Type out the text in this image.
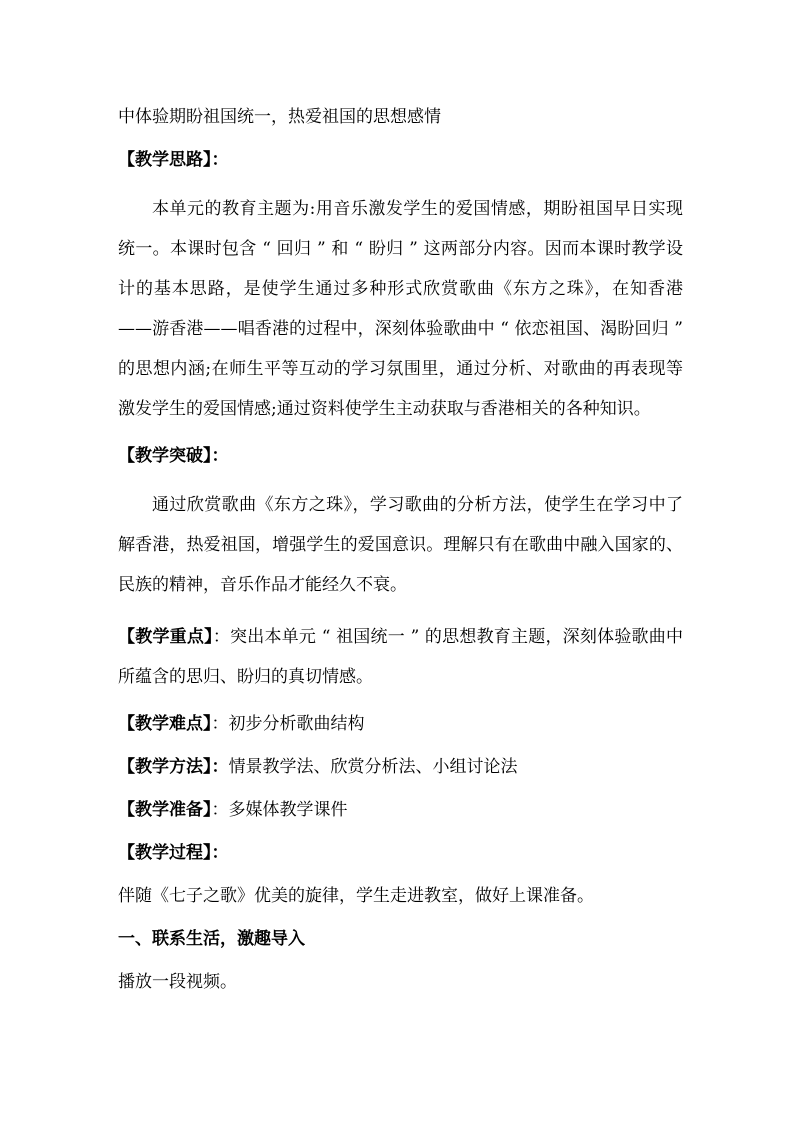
中体验期盼祖国统一，热爱祖国的思想感情

【教学思路】：

本单元的教育主题为:用音乐激发学生的爱国情感，期盼祖国早日实现统一。本课时包含 “ 回归 ” 和 “ 盼归 ” 这两部分内容。因而本课时教学设计的基本思路，是使学生通过多种形式欣赏歌曲《东方之珠》，在知香港——游香港——唱香港的过程中，深刻体验歌曲中 “ 依恋祖国、渴盼回归 ” 的思想内涵;在师生平等互动的学习氛围里，通过分析、对歌曲的再表现等激发学生的爱国情感;通过资料使学生主动获取与香港相关的各种知识。

【教学突破】：

通过欣赏歌曲《东方之珠》，学习歌曲的分析方法，使学生在学习中了解香港，热爱祖国，增强学生的爱国意识。理解只有在歌曲中融入国家的、民族的精神，音乐作品才能经久不衰。

【教学重点】：突出本单元 “ 祖国统一 ” 的思想教育主题，深刻体验歌曲中所蕴含的思归、盼归的真切情感。

【教学难点】：初步分析歌曲结构

【教学方法】：情景教学法、欣赏分析法、小组讨论法

【教学准备】：多媒体教学课件

【教学过程】：

伴随《七子之歌》优美的旋律，学生走进教室，做好上课准备。

一、联系生活，激趣导入

播放一段视频。
